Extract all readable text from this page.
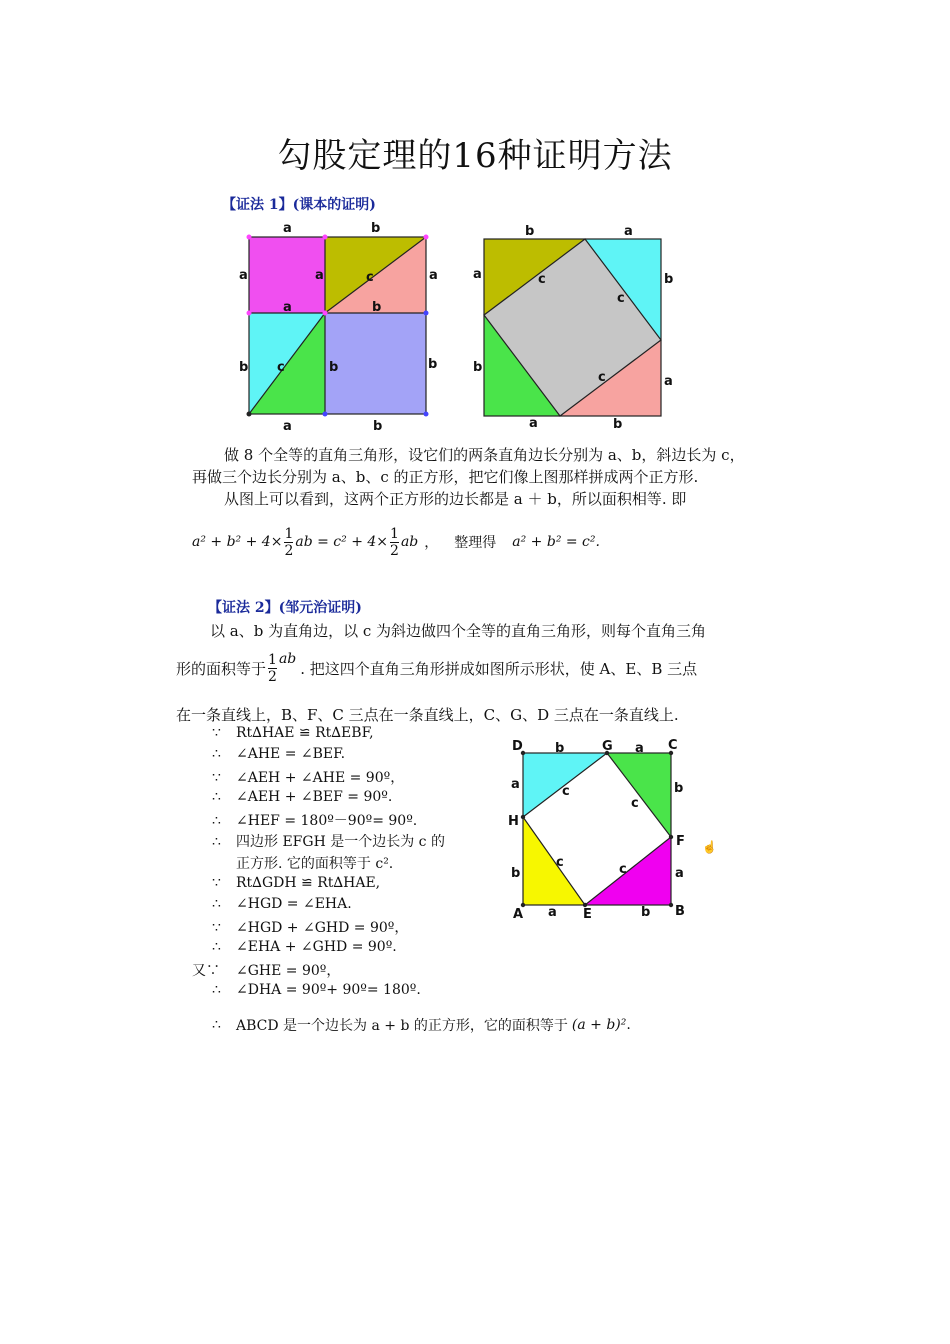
勾股定理的16种证明方法
【证法 1】(课本的证明)
a	b
a	a	c	a
a	b
b c	b	b
a	b
b	a
a	c	b
c
b
a
c
a	b
做 8 个全等的直角三角形，设它们的两条直角边长分别为 a、b，斜边长为 c，
再做三个边长分别为 a、b、c 的正方形，把它们像上图那样拼成两个正方形.
从图上可以看到，这两个正方形的边长都是 a ＋ b，所以面积相等. 即
$a^2 + b^2 + 4\times \frac{1}{2}$ ab = $c^2 + 4\times \frac{1}{2}$ ab ， 整理得 a² + b² = c².
【证法 2】(邹元治证明)
以 a、b 为直角边，以 c 为斜边做四个全等的直角三角形，则每个直角三角
形的面积等于 $\frac{1}{2}$ ab
. 把这四个直角三角形拼成如图所示形状，使 A、E、B 三点
在一条直线上，B、F、C 三点在一条直线上，C、G、D 三点在一条直线上.
∵ Rt∆HAE ≌ Rt∆EBF,
∴ ∠AHE = ∠BEF.
∵ ∠AEH + ∠AHE = 90º，
∴ ∠AEH + ∠BEF = 90º.
∴ ∠HEF = 180º－90º= 90º.
∴ 四边形 EFGH 是一个边长为 c 的
正方形. 它的面积等于 c².
∵ Rt∆GDH ≌ Rt∆HAE,
∴ ∠HGD = ∠EHA.
∵ ∠HGD + ∠GHD = 90º，
∴ ∠EHA + ∠GHD = 90º.
又∵ ∠GHE = 90º，
∴ ∠DHA = 90º+ 90º= 180º.
∴	ABCD 是一个边长为 a + b 的正方形，它的面积等于 (a + b)² .
D	G	C
H
F
A	E	B
b	a
a	c	b
c
c	c
b	a
a	b
☝
